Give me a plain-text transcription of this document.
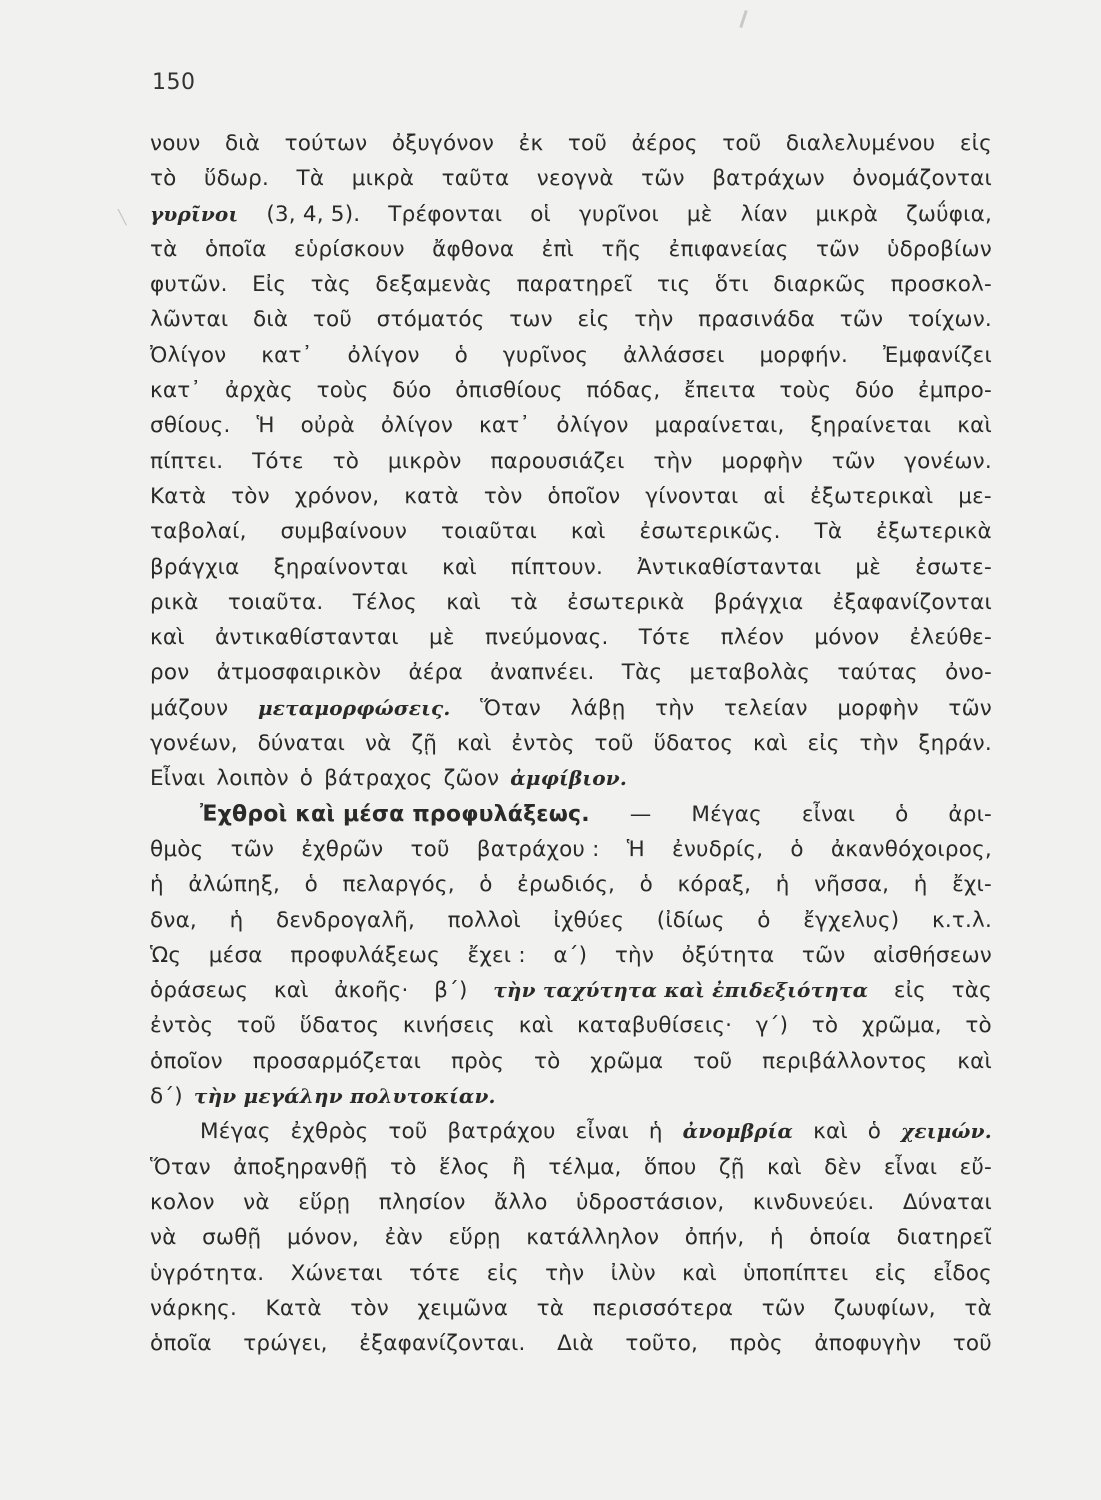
╲
150
νουν διὰ τούτων ὀξυγόνον ἐκ τοῦ ἀέρος τοῦ διαλελυμένου εἰς
τὸ ὕδωρ. Τὰ μικρὰ ταῦτα νεογνὰ τῶν βατράχων ὀνομάζονται
γυρῖνοι (3, 4, 5). Τρέφονται οἱ γυρῖνοι μὲ λίαν μικρὰ ζωΰφια,
τὰ ὁποῖα εὑρίσκουν ἄφθονα ἐπὶ τῆς ἐπιφανείας τῶν ὑδροβίων
φυτῶν. Εἰς τὰς δεξαμενὰς παρατηρεῖ τις ὅτι διαρκῶς προσκολ-
λῶνται διὰ τοῦ στόματός των εἰς τὴν πρασινάδα τῶν τοίχων.
Ὀλίγον κατ᾽ ὀλίγον ὁ γυρῖνος ἀλλάσσει μορφήν. Ἐμφανίζει
κατ᾽ ἀρχὰς τοὺς δύο ὀπισθίους πόδας, ἔπειτα τοὺς δύο ἐμπρο-
σθίους. Ἡ οὐρὰ ὀλίγον κατ᾽ ὀλίγον μαραίνεται, ξηραίνεται καὶ
πίπτει. Τότε τὸ μικρὸν παρουσιάζει τὴν μορφὴν τῶν γονέων.
Κατὰ τὸν χρόνον, κατὰ τὸν ὁποῖον γίνονται αἱ ἐξωτερικαὶ με-
ταβολαί, συμβαίνουν τοιαῦται καὶ ἐσωτερικῶς. Τὰ ἐξωτερικὰ
βράγχια ξηραίνονται καὶ πίπτουν. Ἀντικαθίστανται μὲ ἐσωτε-
ρικὰ τοιαῦτα. Τέλος καὶ τὰ ἐσωτερικὰ βράγχια ἐξαφανίζονται
καὶ ἀντικαθίστανται μὲ πνεύμονας. Τότε πλέον μόνον ἐλεύθε-
ρον ἀτμοσφαιρικὸν ἀέρα ἀναπνέει. Τὰς μεταβολὰς ταύτας ὀνο-
μάζουν μεταμορφώσεις. Ὅταν λάβῃ τὴν τελείαν μορφὴν τῶν
γονέων, δύναται νὰ ζῇ καὶ ἐντὸς τοῦ ὕδατος καὶ εἰς τὴν ξηράν.
Εἶναι λοιπὸν ὁ βάτραχος ζῶον ἀμφίβιον.
Ἐχθροὶ καὶ μέσα προφυλάξεως. — Μέγας εἶναι ὁ ἀρι-
θμὸς τῶν ἐχθρῶν τοῦ βατράχου : Ἡ ἐνυδρίς, ὁ ἀκανθόχοιρος,
ἡ ἀλώπηξ, ὁ πελαργός, ὁ ἐρωδιός, ὁ κόραξ, ἡ νῆσσα, ἡ ἔχι-
δνα, ἡ δενδρογαλῆ, πολλοὶ ἰχθύες (ἰδίως ὁ ἔγχελυς) κ.τ.λ.
Ὡς μέσα προφυλάξεως ἔχει : α΄) τὴν ὀξύτητα τῶν αἰσθήσεων
ὁράσεως καὶ ἀκοῆς· β΄) τὴν ταχύτητα καὶ ἐπιδεξιότητα εἰς τὰς
ἐντὸς τοῦ ὕδατος κινήσεις καὶ καταβυθίσεις· γ΄) τὸ χρῶμα, τὸ
ὁποῖον προσαρμόζεται πρὸς τὸ χρῶμα τοῦ περιβάλλοντος καὶ
δ΄) τὴν μεγάλην πολυτοκίαν.
Μέγας ἐχθρὸς τοῦ βατράχου εἶναι ἡ ἀνομβρία καὶ ὁ χειμών.
Ὅταν ἀποξηρανθῇ τὸ ἕλος ἢ τέλμα, ὅπου ζῇ καὶ δὲν εἶναι εὔ-
κολον νὰ εὕρῃ πλησίον ἄλλο ὑδροστάσιον, κινδυνεύει. Δύναται
νὰ σωθῇ μόνον, ἐὰν εὕρῃ κατάλληλον ὀπήν, ἡ ὁποία διατηρεῖ
ὑγρότητα. Χώνεται τότε εἰς τὴν ἰλὺν καὶ ὑποπίπτει εἰς εἶδος
νάρκης. Κατὰ τὸν χειμῶνα τὰ περισσότερα τῶν ζωυφίων, τὰ
ὁποῖα τρώγει, ἐξαφανίζονται. Διὰ τοῦτο, πρὸς ἀποφυγὴν τοῦ
